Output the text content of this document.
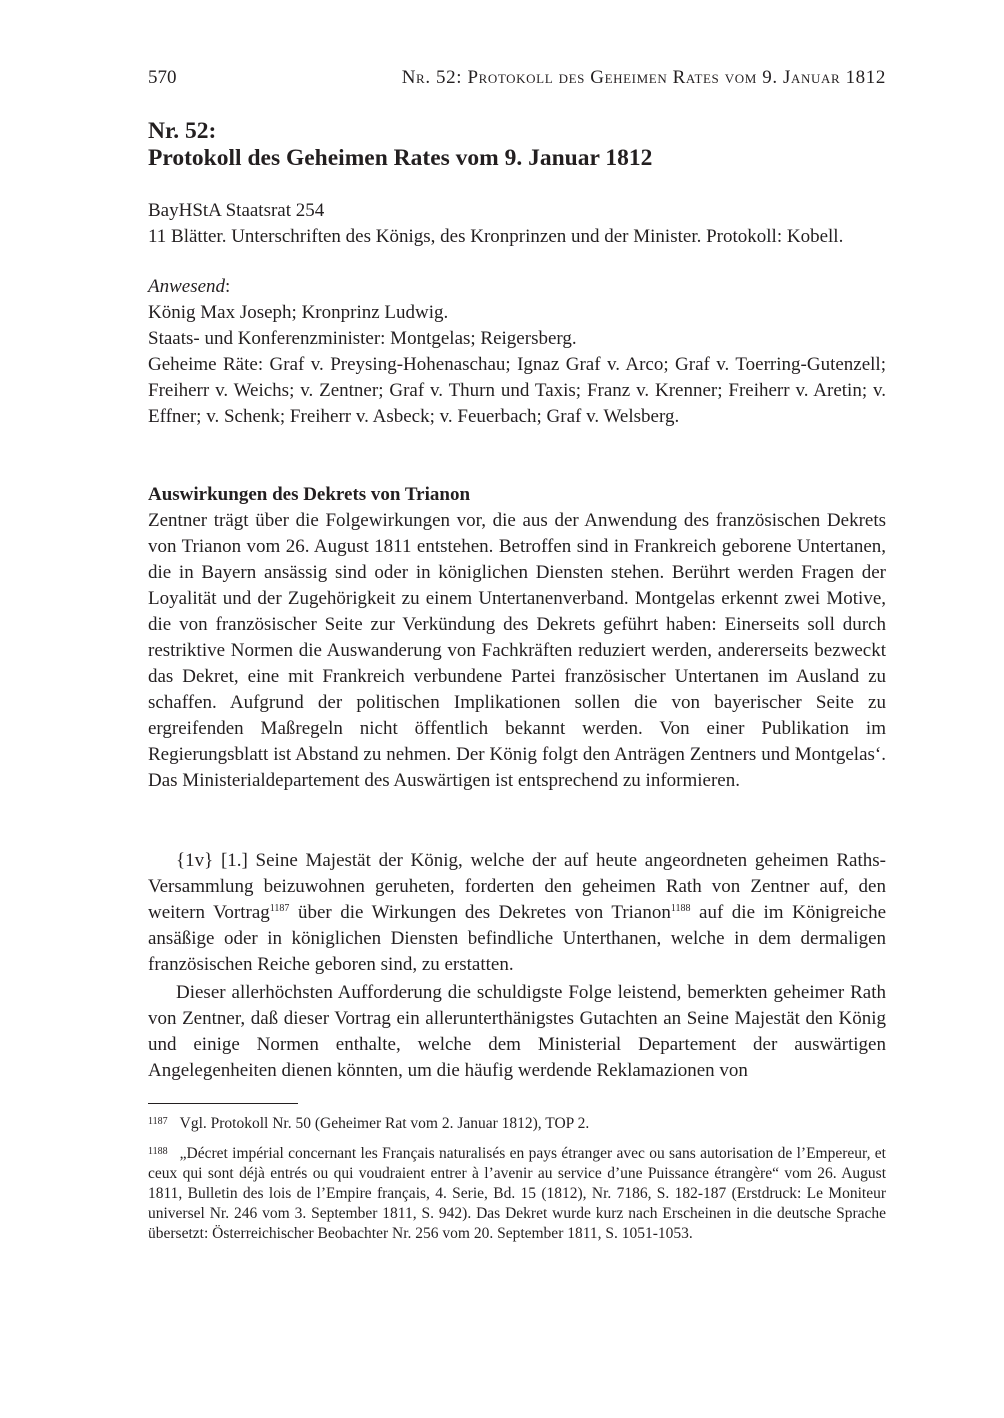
570	Nr. 52: Protokoll des Geheimen Rates vom 9. Januar 1812
Nr. 52:
Protokoll des Geheimen Rates vom 9. Januar 1812

BayHStA Staatsrat 254

11 Blätter. Unterschriften des Königs, des Kronprinzen und der Minister. Protokoll: Kobell.

Anwesend:

König Max Joseph; Kronprinz Ludwig.

Staats- und Konferenzminister: Montgelas; Reigersberg.

Geheime Räte: Graf v. Preysing-Hohenaschau; Ignaz Graf v. Arco; Graf v. Toerring-Gutenzell; Freiherr v. Weichs; v. Zentner; Graf v. Thurn und Taxis; Franz v. Krenner; Freiherr v. Aretin; v. Effner; v. Schenk; Freiherr v. Asbeck; v. Feuerbach; Graf v. Welsberg.

Auswirkungen des Dekrets von Trianon

Zentner trägt über die Folgewirkungen vor, die aus der Anwendung des französischen Dekrets von Trianon vom 26. August 1811 entstehen. Betroffen sind in Frankreich geborene Untertanen, die in Bayern ansässig sind oder in königlichen Diensten stehen. Berührt werden Fragen der Loyalität und der Zugehörigkeit zu einem Untertanenverband. Montgelas erkennt zwei Motive, die von französischer Seite zur Verkündung des Dekrets geführt haben: Einerseits soll durch restriktive Normen die Auswanderung von Fachkräften reduziert werden, andererseits bezweckt das Dekret, eine mit Frankreich verbundene Partei französischer Untertanen im Ausland zu schaffen. Aufgrund der politischen Implikationen sollen die von bayerischer Seite zu ergreifenden Maßregeln nicht öffentlich bekannt werden. Von einer Publikation im Regierungsblatt ist Abstand zu nehmen. Der König folgt den Anträgen Zentners und Montgelas‘. Das Ministerialdepartement des Auswärtigen ist entsprechend zu informieren.

{1v} [1.] Seine Majestät der König, welche der auf heute angeordneten geheimen Raths-Versammlung beizuwohnen geruheten, forderten den geheimen Rath von Zentner auf, den weitern Vortrag$^{1187}$ über die Wirkungen des Dekretes von Trianon$^{1188}$ auf die im Königreiche ansäßige oder in königlichen Diensten befindliche Unterthanen, welche in dem dermaligen französischen Reiche geboren sind, zu erstatten.

Dieser allerhöchsten Aufforderung die schuldigste Folge leistend, bemerkten geheimer Rath von Zentner, daß dieser Vortrag ein allerunterthänigstes Gutachten an Seine Majestät den König und einige Normen enthalte, welche dem Ministerial Departement der auswärtigen Angelegenheiten dienen könnten, um die häufig werdende Reklamazionen von

$^{1187}$ Vgl. Protokoll Nr. 50 (Geheimer Rat vom 2. Januar 1812), TOP 2.

$^{1188}$ „Décret impérial concernant les Français naturalisés en pays étranger avec ou sans autorisation de l’Empereur, et ceux qui sont déjà entrés ou qui voudraient entrer à l’avenir au service d’une Puissance étrangère“ vom 26. August 1811, Bulletin des lois de l’Empire français, 4. Serie, Bd. 15 (1812), Nr. 7186, S. 182-187 (Erstdruck: Le Moniteur universel Nr. 246 vom 3. September 1811, S. 942). Das Dekret wurde kurz nach Erscheinen in die deutsche Sprache übersetzt: Österreichischer Beobachter Nr. 256 vom 20. September 1811, S. 1051-1053.
